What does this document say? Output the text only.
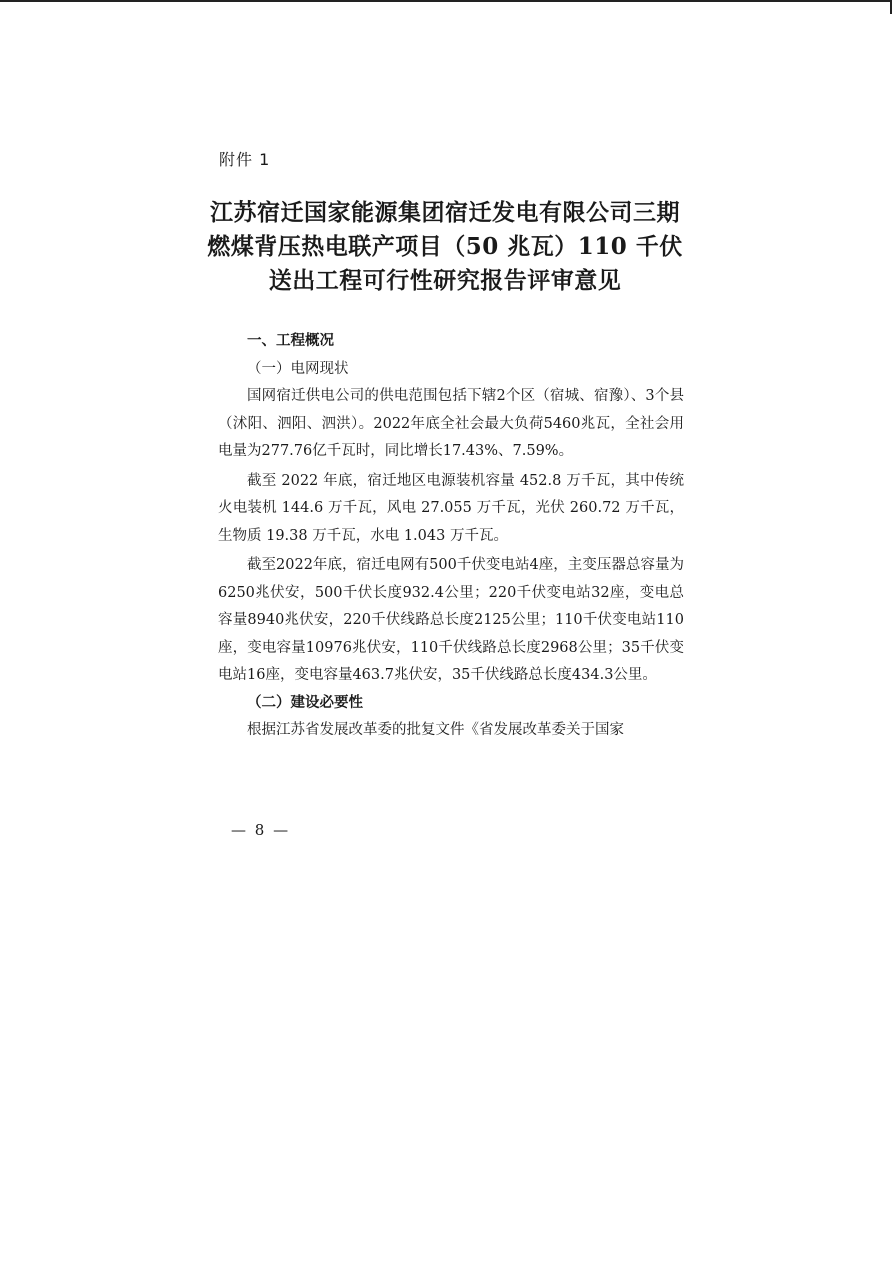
附件 1
江苏宿迁国家能源集团宿迁发电有限公司三期
燃煤背压热电联产项目（50 兆瓦）110 千伏
送出工程可行性研究报告评审意见
一、工程概况
（一）电网现状

国网宿迁供电公司的供电范围包括下辖2个区（宿城、宿豫）、3个县（沭阳、泗阳、泗洪）。2022年底全社会最大负荷5460兆瓦，全社会用电量为277.76亿千瓦时，同比增长17.43%、7.59%。

截至 2022 年底，宿迁地区电源装机容量 452.8 万千瓦，其中传统火电装机 144.6 万千瓦，风电 27.055 万千瓦，光伏 260.72 万千瓦，生物质 19.38 万千瓦，水电 1.043 万千瓦。

截至2022年底，宿迁电网有500千伏变电站4座，主变压器总容量为6250兆伏安，500千伏长度932.4公里；220千伏变电站32座，变电总容量8940兆伏安，220千伏线路总长度2125公里；110千伏变电站110座，变电容量10976兆伏安，110千伏线路总长度2968公里；35千伏变电站16座，变电容量463.7兆伏安，35千伏线路总长度434.3公里。

（二）建设必要性

根据江苏省发展改革委的批复文件《省发展改革委关于国家

— 8 —
